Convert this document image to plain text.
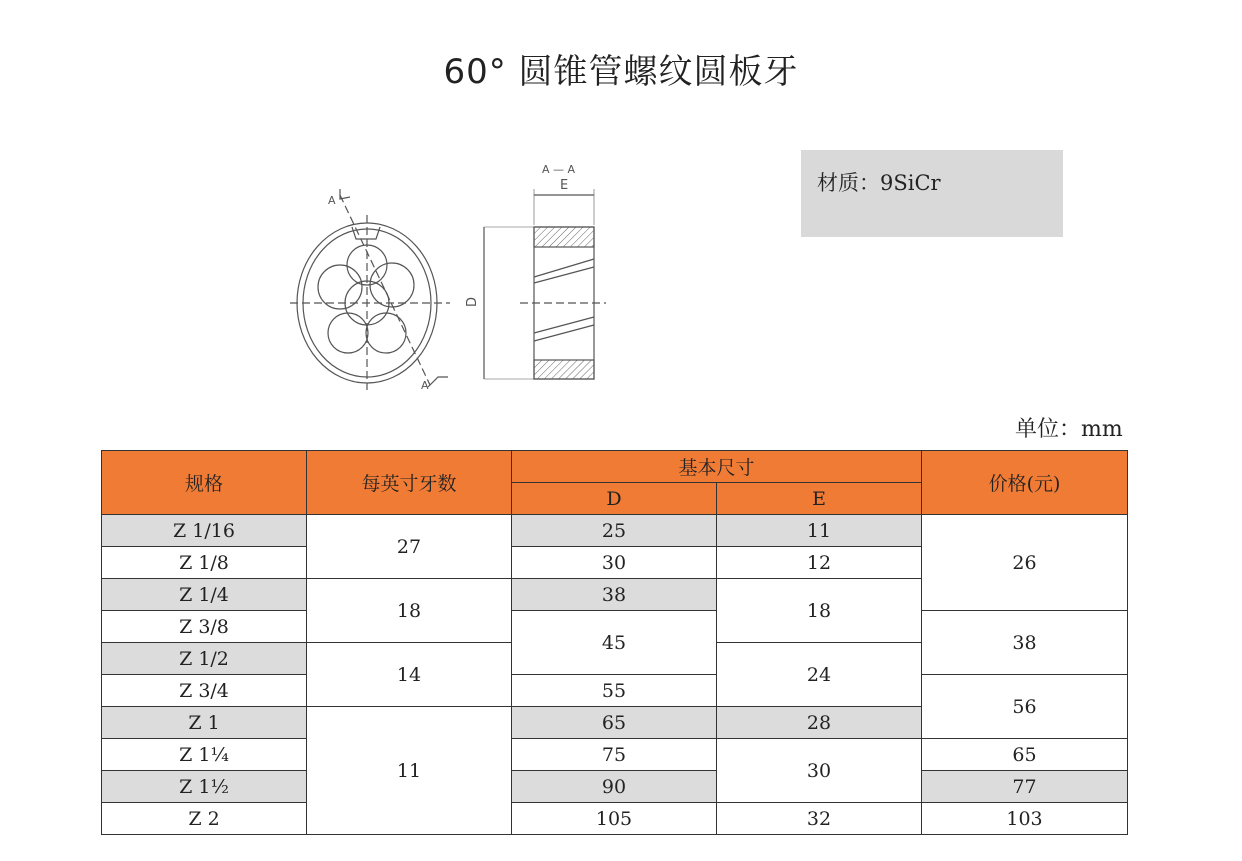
60° 圆锥管螺纹圆板牙
A
A
A — A
E
D
材质：9SiCr
单位：mm
规格	每英寸牙数	基本尺寸		价格(元)
		D	E	
Z 1/16	27	25	11	26
Z 1/8		30	12	
Z 1/4	18	38	18	
Z 3/8		45		38
Z 1/2	14		24	
Z 3/4		55		56
Z 1	11	65	28	
Z 1¼		75	30	65
Z 1½		90		77
Z 2		105	32	103
